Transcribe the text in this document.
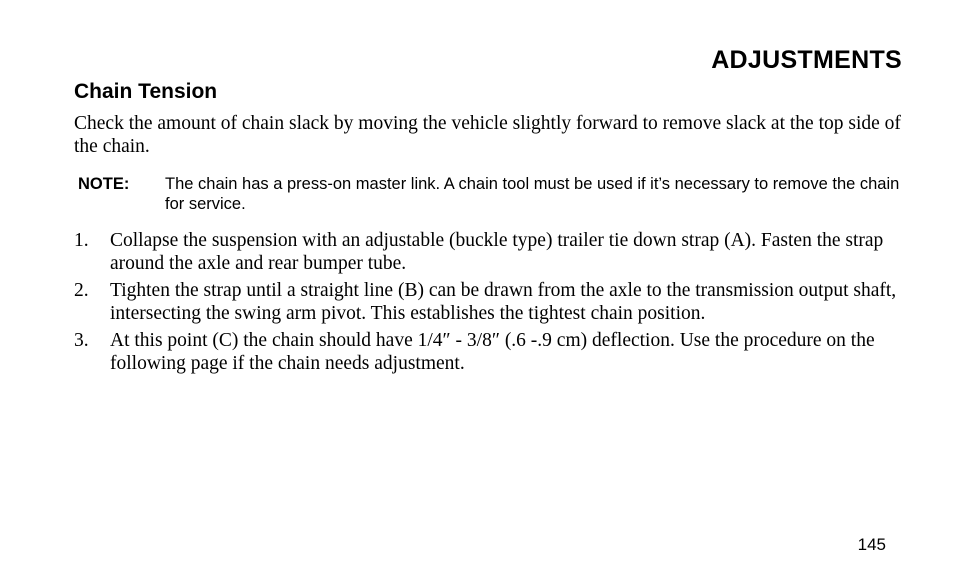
ADJUSTMENTS
Chain Tension

Check the amount of chain slack by moving the vehicle slightly forward to remove slack at the top side of the chain.

NOTE: The chain has a press-on master link. A chain tool must be used if it’s necessary to remove the chain for service.
1. Collapse the suspension with an adjustable (buckle type) trailer tie down strap (A). Fasten the strap around the axle and rear bumper tube.
2. Tighten the strap until a straight line (B) can be drawn from the axle to the transmission output shaft, intersecting the swing arm pivot. This establishes the tightest chain position.
3. At this point (C) the chain should have 1/4″ - 3/8″ (.6 -.9 cm) deflection. Use the procedure on the following page if the chain needs adjustment.
145
